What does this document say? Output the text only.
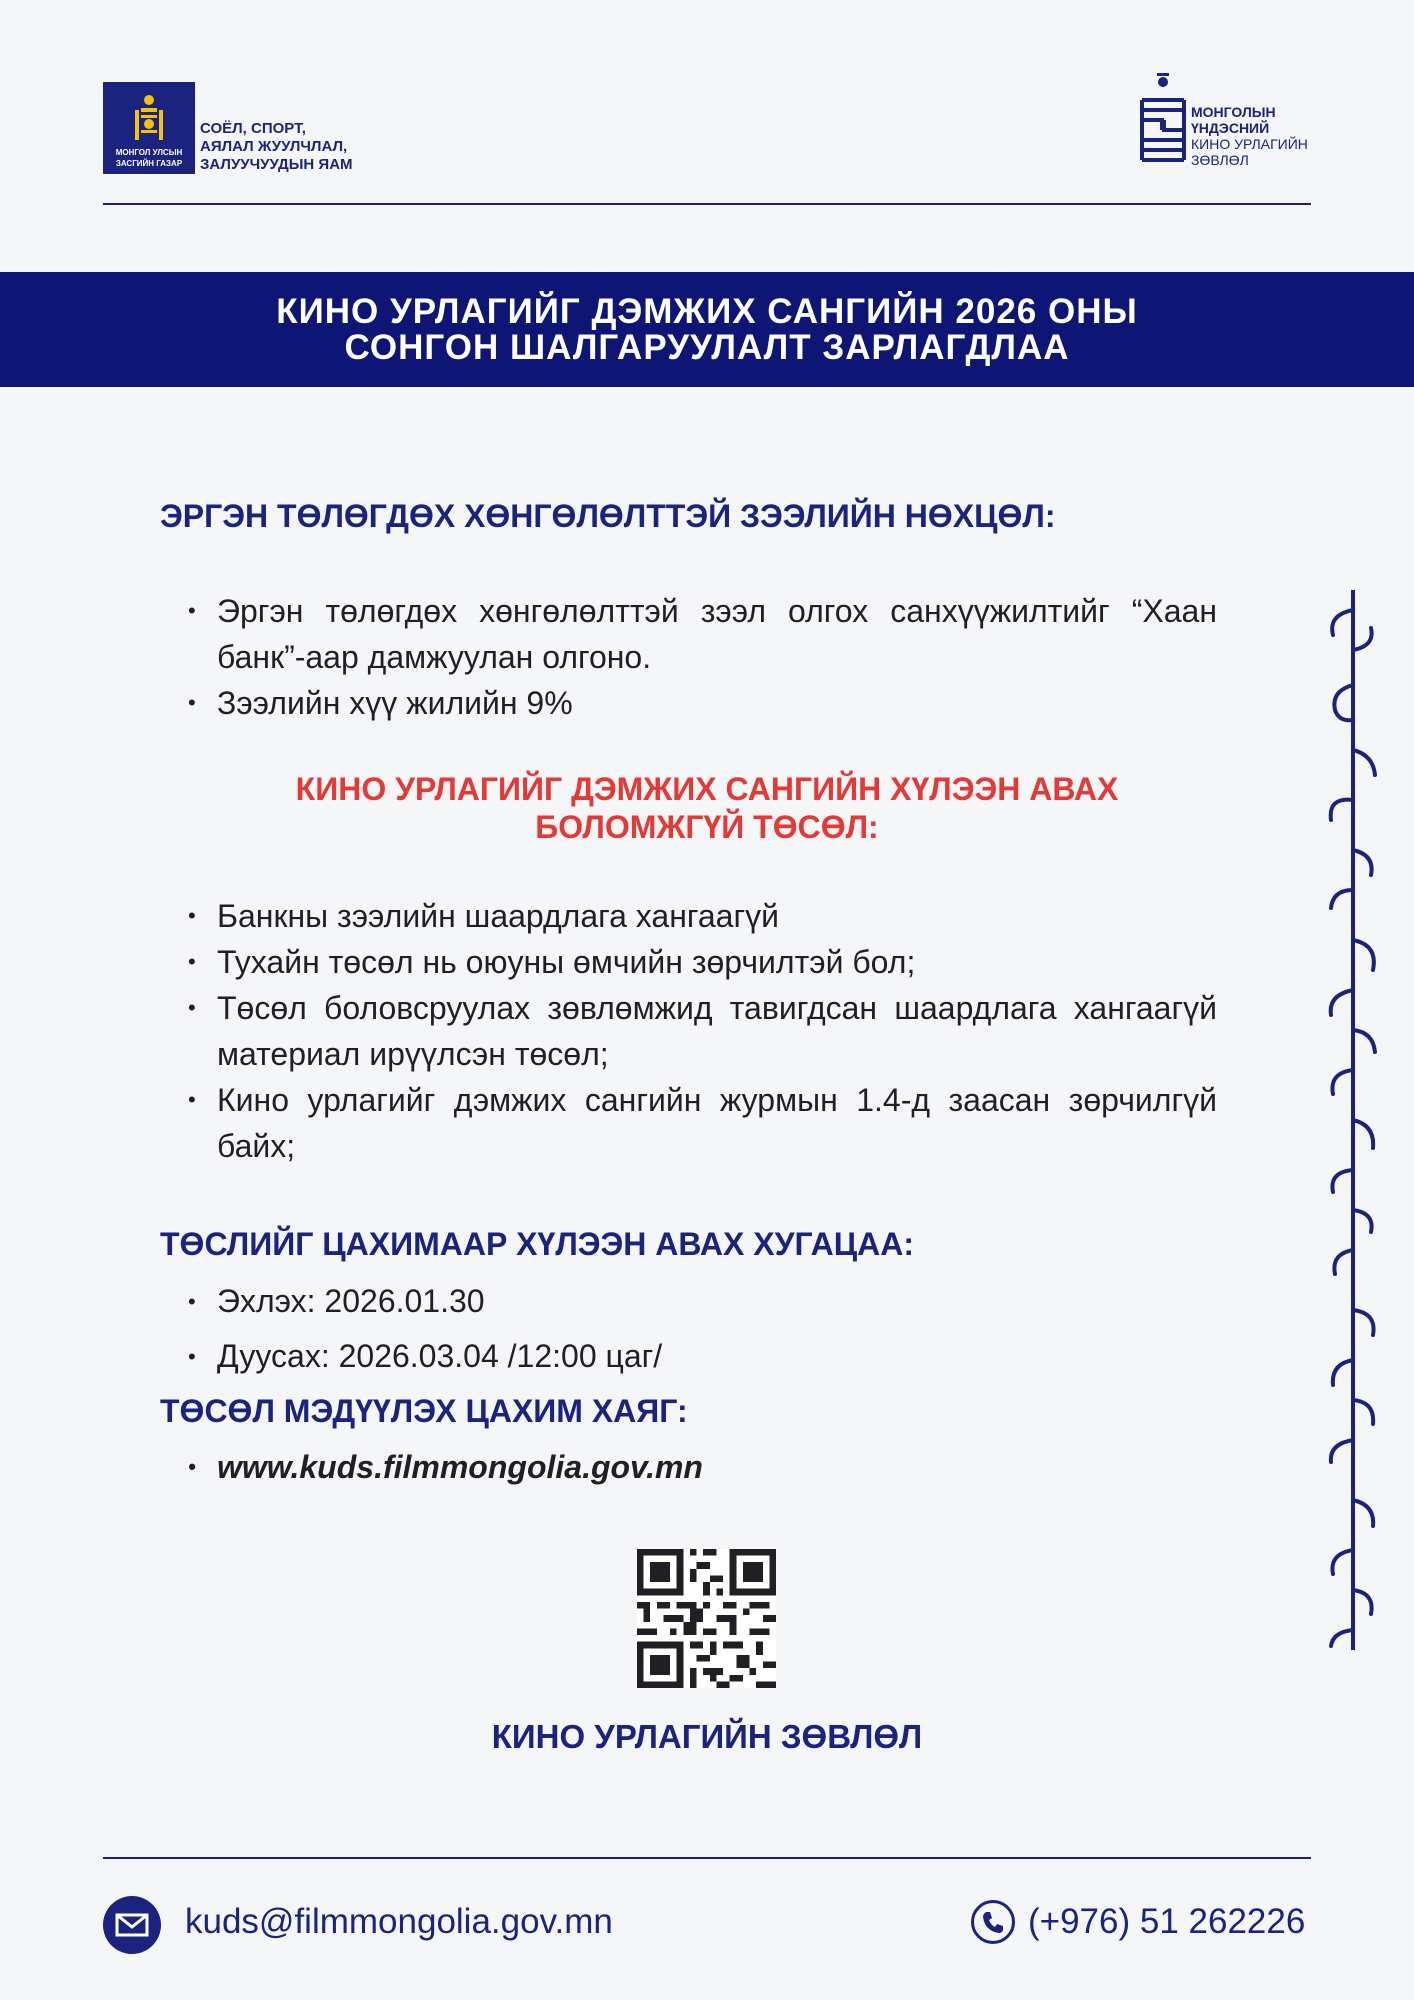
МОНГОЛ УЛСЫН
ЗАСГИЙН ГАЗАР
СОЁЛ, СПОРТ,
АЯЛАЛ ЖУУЛЧЛАЛ,
ЗАЛУУЧУУДЫН ЯАМ
МОНГОЛЫН
ҮНДЭСНИЙ
КИНО УРЛАГИЙН
ЗӨВЛӨЛ
КИНО УРЛАГИЙГ ДЭМЖИХ САНГИЙН 2026 ОНЫ
СОНГОН ШАЛГАРУУЛАЛТ ЗАРЛАГДЛАА
ЭРГЭН ТӨЛӨГДӨХ ХӨНГӨЛӨЛТТЭЙ ЗЭЭЛИЙН НӨХЦӨЛ:
• Эргэн төлөгдөх хөнгөлөлттэй зээл олгох санхүүжилтийг “Хаан банк”-аар дамжуулан олгоно.
• Зээлийн хүү жилийн 9%
КИНО УРЛАГИЙГ ДЭМЖИХ САНГИЙН ХҮЛЭЭН АВАХ
БОЛОМЖГҮЙ ТӨСӨЛ:
• Банкны зээлийн шаардлага хангаагүй
• Тухайн төсөл нь оюуны өмчийн зөрчилтэй бол;
• Төсөл боловсруулах зөвлөмжид тавигдсан шаардлага хангаагүй материал ирүүлсэн төсөл;
• Кино урлагийг дэмжих сангийн журмын 1.4-д заасан зөрчилгүй байх;
ТӨСЛИЙГ ЦАХИМААР ХҮЛЭЭН АВАХ ХУГАЦАА:
• Эхлэх: 2026.01.30
• Дуусах: 2026.03.04 /12:00 цаг/
ТӨСӨЛ МЭДҮҮЛЭХ ЦАХИМ ХАЯГ:
• www.kuds.filmmongolia.gov.mn
КИНО УРЛАГИЙН ЗӨВЛӨЛ
kuds@filmmongolia.gov.mn	(+976) 51 262226
